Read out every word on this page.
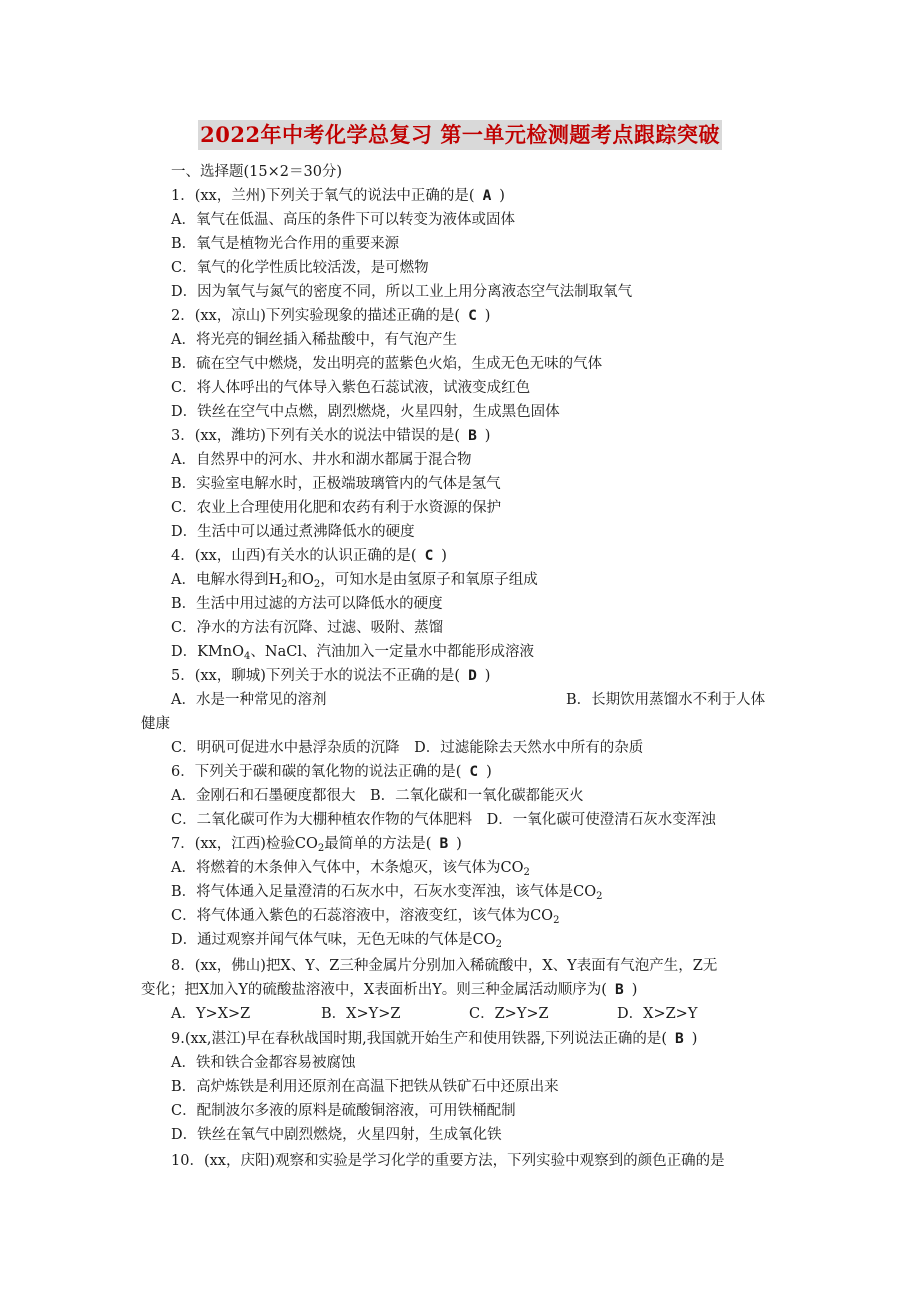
2022年中考化学总复习 第一单元检测题考点跟踪突破
一、选择题(15×2＝30分)
1．(xx，兰州)下列关于氧气的说法中正确的是( A )
A．氧气在低温、高压的条件下可以转变为液体或固体
B．氧气是植物光合作用的重要来源
C．氧气的化学性质比较活泼，是可燃物
D．因为氧气与氮气的密度不同，所以工业上用分离液态空气法制取氧气
2．(xx，凉山)下列实验现象的描述正确的是( C )
A．将光亮的铜丝插入稀盐酸中，有气泡产生
B．硫在空气中燃烧，发出明亮的蓝紫色火焰，生成无色无味的气体
C．将人体呼出的气体导入紫色石蕊试液，试液变成红色
D．铁丝在空气中点燃，剧烈燃烧，火星四射，生成黑色固体
3．(xx，潍坊)下列有关水的说法中错误的是( B )
A．自然界中的河水、井水和湖水都属于混合物
B．实验室电解水时，正极端玻璃管内的气体是氢气
C．农业上合理使用化肥和农药有利于水资源的保护
D．生活中可以通过煮沸降低水的硬度
4．(xx，山西)有关水的认识正确的是( C )
A．电解水得到$H_2$和$O_2$，可知水是由氢原子和氧原子组成
B．生活中用过滤的方法可以降低水的硬度
C．净水的方法有沉降、过滤、吸附、蒸馏
D．KMnO$_4$、NaCl、汽油加入一定量水中都能形成溶液
5．(xx，聊城)下列关于水的说法不正确的是( D )
A．水是一种常见的溶剂	B．长期饮用蒸馏水不利于人体
健康
C．明矾可促进水中悬浮杂质的沉降　D．过滤能除去天然水中所有的杂质
6．下列关于碳和碳的氧化物的说法正确的是( C )
A．金刚石和石墨硬度都很大　B．二氧化碳和一氧化碳都能灭火
C．二氧化碳可作为大棚种植农作物的气体肥料　D．一氧化碳可使澄清石灰水变浑浊
7．(xx，江西)检验$CO_2$最简单的方法是( B )
A．将燃着的木条伸入气体中，木条熄灭，该气体为$CO_2$
B．将气体通入足量澄清的石灰水中，石灰水变浑浊，该气体是$CO_2$
C．将气体通入紫色的石蕊溶液中，溶液变红，该气体为$CO_2$
D．通过观察并闻气体气味，无色无味的气体是$CO_2$
8．(xx，佛山)把X、Y、Z三种金属片分别加入稀硫酸中，X、Y表面有气泡产生，Z无
变化；把X加入Y的硫酸盐溶液中，X表面析出Y。则三种金属活动顺序为( B )
A．Y>X>Z	B．X>Y>Z	C．Z>Y>Z	D．X>Z>Y
9.(xx,湛江)早在春秋战国时期,我国就开始生产和使用铁器,下列说法正确的是( B )
A．铁和铁合金都容易被腐蚀
B．高炉炼铁是利用还原剂在高温下把铁从铁矿石中还原出来
C．配制波尔多液的原料是硫酸铜溶液，可用铁桶配制
D．铁丝在氧气中剧烈燃烧，火星四射，生成氧化铁
10．(xx，庆阳)观察和实验是学习化学的重要方法，下列实验中观察到的颜色正确的是
